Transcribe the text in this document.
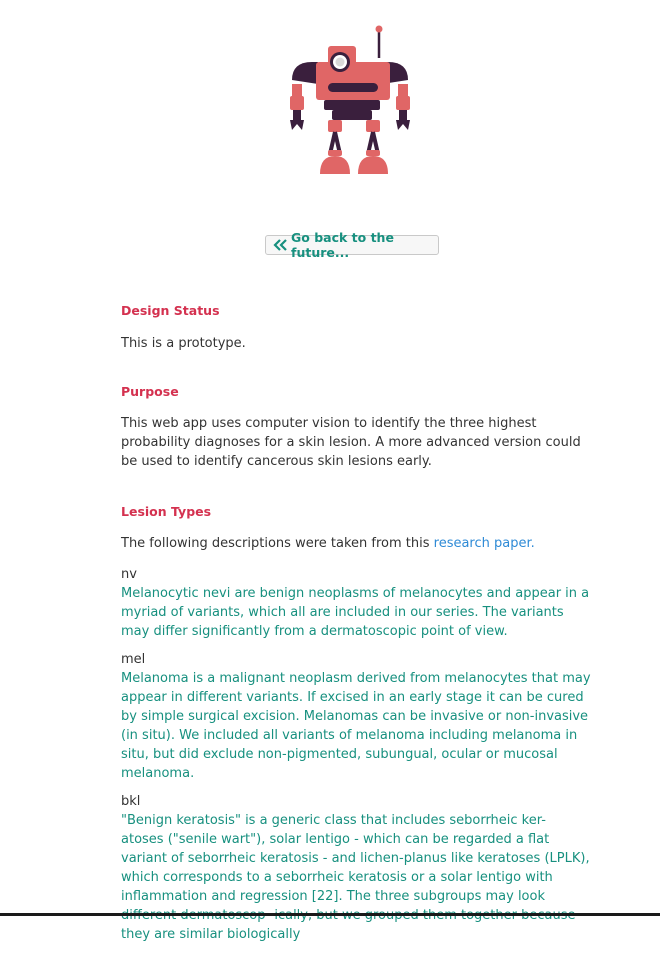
Go back to the future...
Design Status

This is a prototype.

Purpose

This web app uses computer vision to identify the three highest probability diagnoses for a skin lesion. A more advanced version could be used to identify cancerous skin lesions early.

Lesion Types

The following descriptions were taken from this research paper.

nv
Melanocytic nevi are benign neoplasms of melanocytes and appear in a myriad of variants, which all are included in our series. The variants may differ significantly from a dermatoscopic point of view.
mel
Melanoma is a malignant neoplasm derived from melanocytes that may appear in different variants. If excised in an early stage it can be cured by simple surgical excision. Melanomas can be invasive or non-invasive (in situ). We included all variants of melanoma including melanoma in situ, but did exclude non-pigmented, subungual, ocular or mucosal melanoma.
bkl
"Benign keratosis" is a generic class that includes seborrheic ker- atoses ("senile wart"), solar lentigo - which can be regarded a flat variant of seborrheic keratosis - and lichen-planus like keratoses (LPLK), which corresponds to a seborrheic keratosis or a solar lentigo with inflammation and regression [22]. The three subgroups may look they are similar biologically
